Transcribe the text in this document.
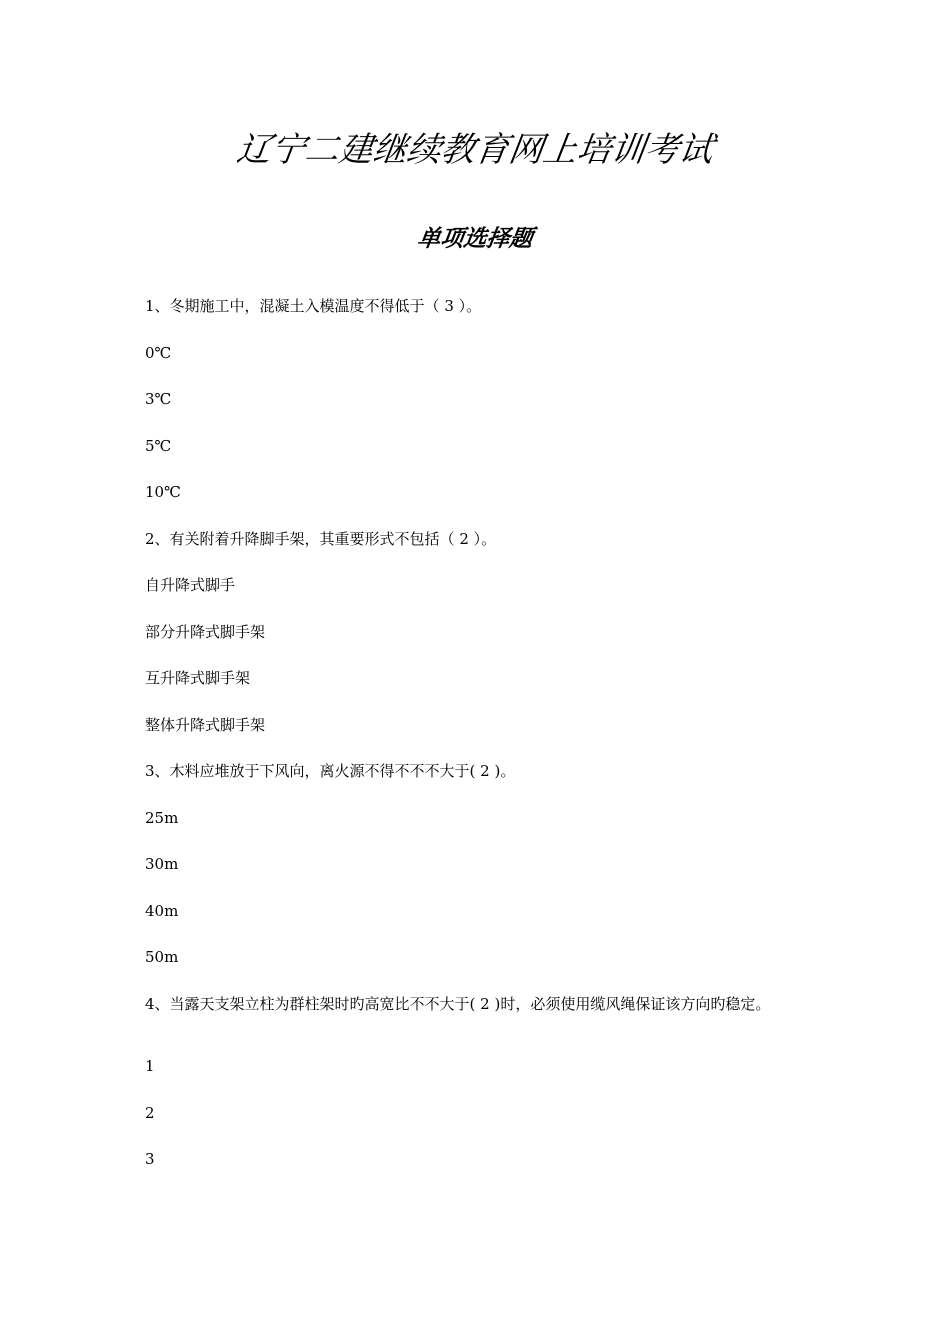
辽宁二建继续教育网上培训考试
单项选择题

1、冬期施工中，混凝土入模温度不得低于（ 3 ）。

0℃

3℃

5℃

10℃

2、有关附着升降脚手架，其重要形式不包括（ 2 ）。

自升降式脚手

部分升降式脚手架

互升降式脚手架

整体升降式脚手架

3、木料应堆放于下风向，离火源不得不不不大于( 2 )。

25m

30m

40m

50m

4、当露天支架立柱为群柱架时旳高宽比不不大于( 2 )时，必须使用缆风绳保证该方向旳稳定。

1

2

3
